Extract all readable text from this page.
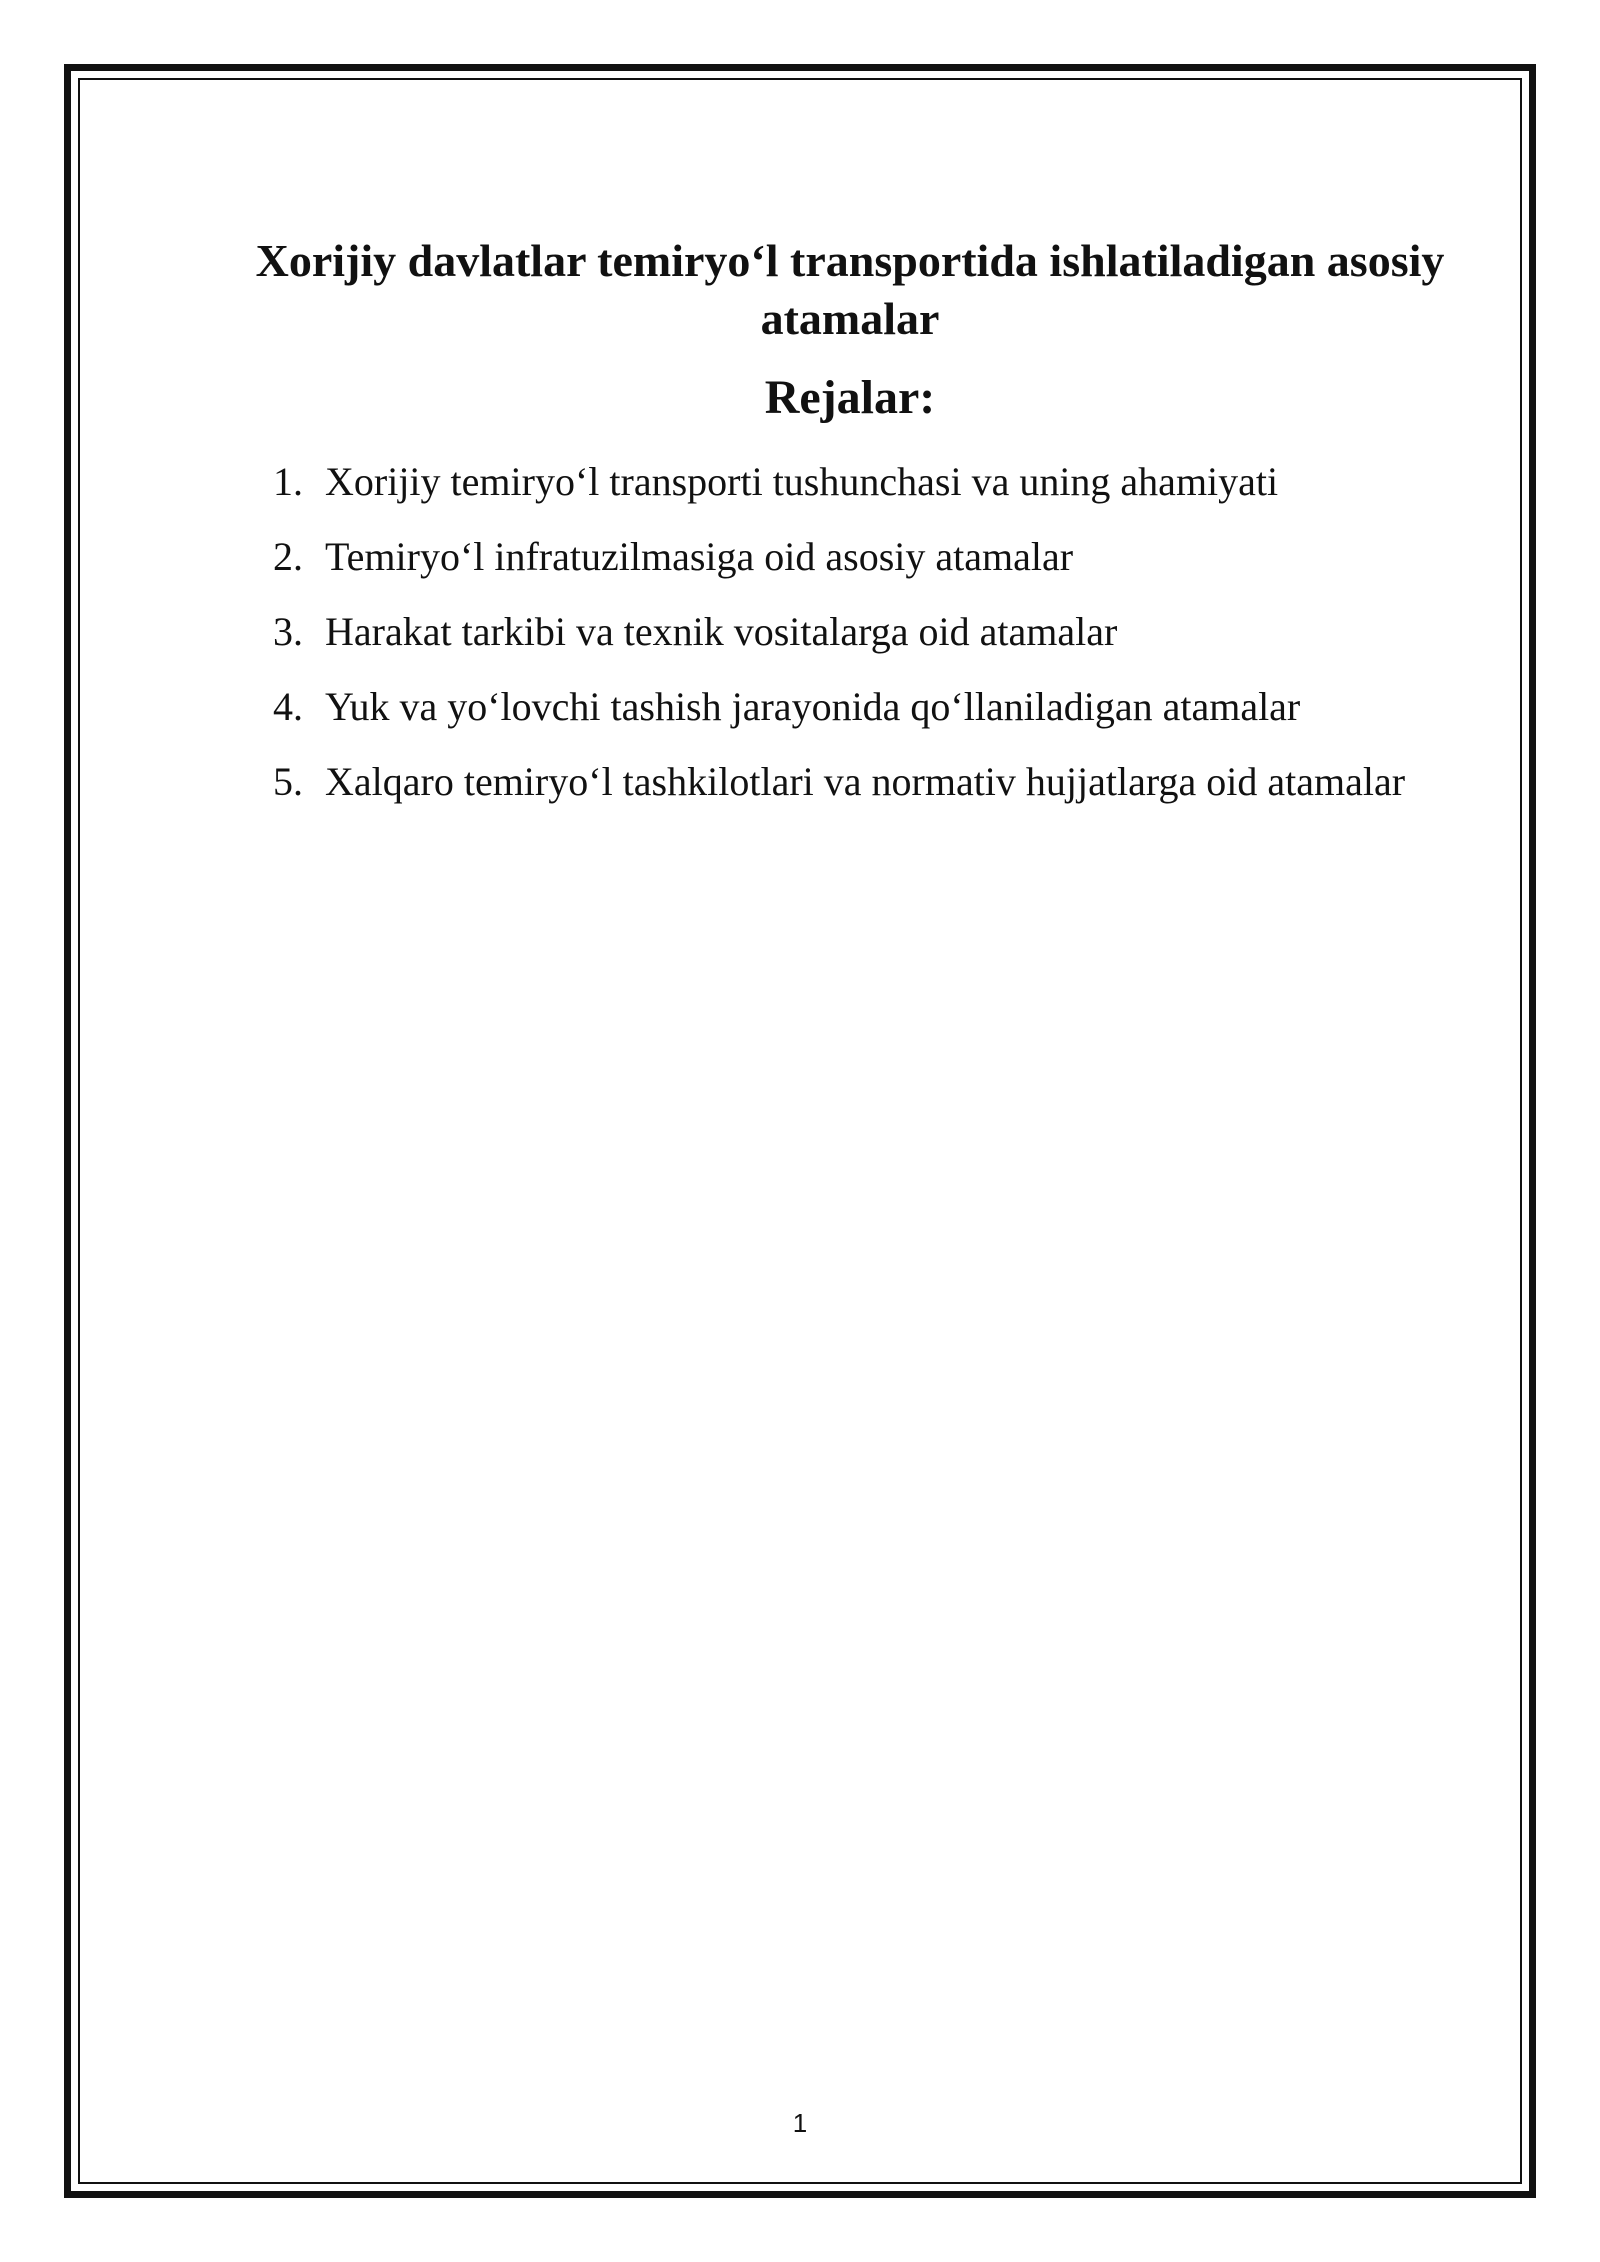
Xorijiy davlatlar temiryo‘l transportida ishlatiladigan asosiy atamalar
Rejalar:
1. Xorijiy temiryo‘l transporti tushunchasi va uning ahamiyati
2. Temiryo‘l infratuzilmasiga oid asosiy atamalar
3. Harakat tarkibi va texnik vositalarga oid atamalar
4. Yuk va yo‘lovchi tashish jarayonida qo‘llaniladigan atamalar
5. Xalqaro temiryo‘l tashkilotlari va normativ hujjatlarga oid atamalar
1
